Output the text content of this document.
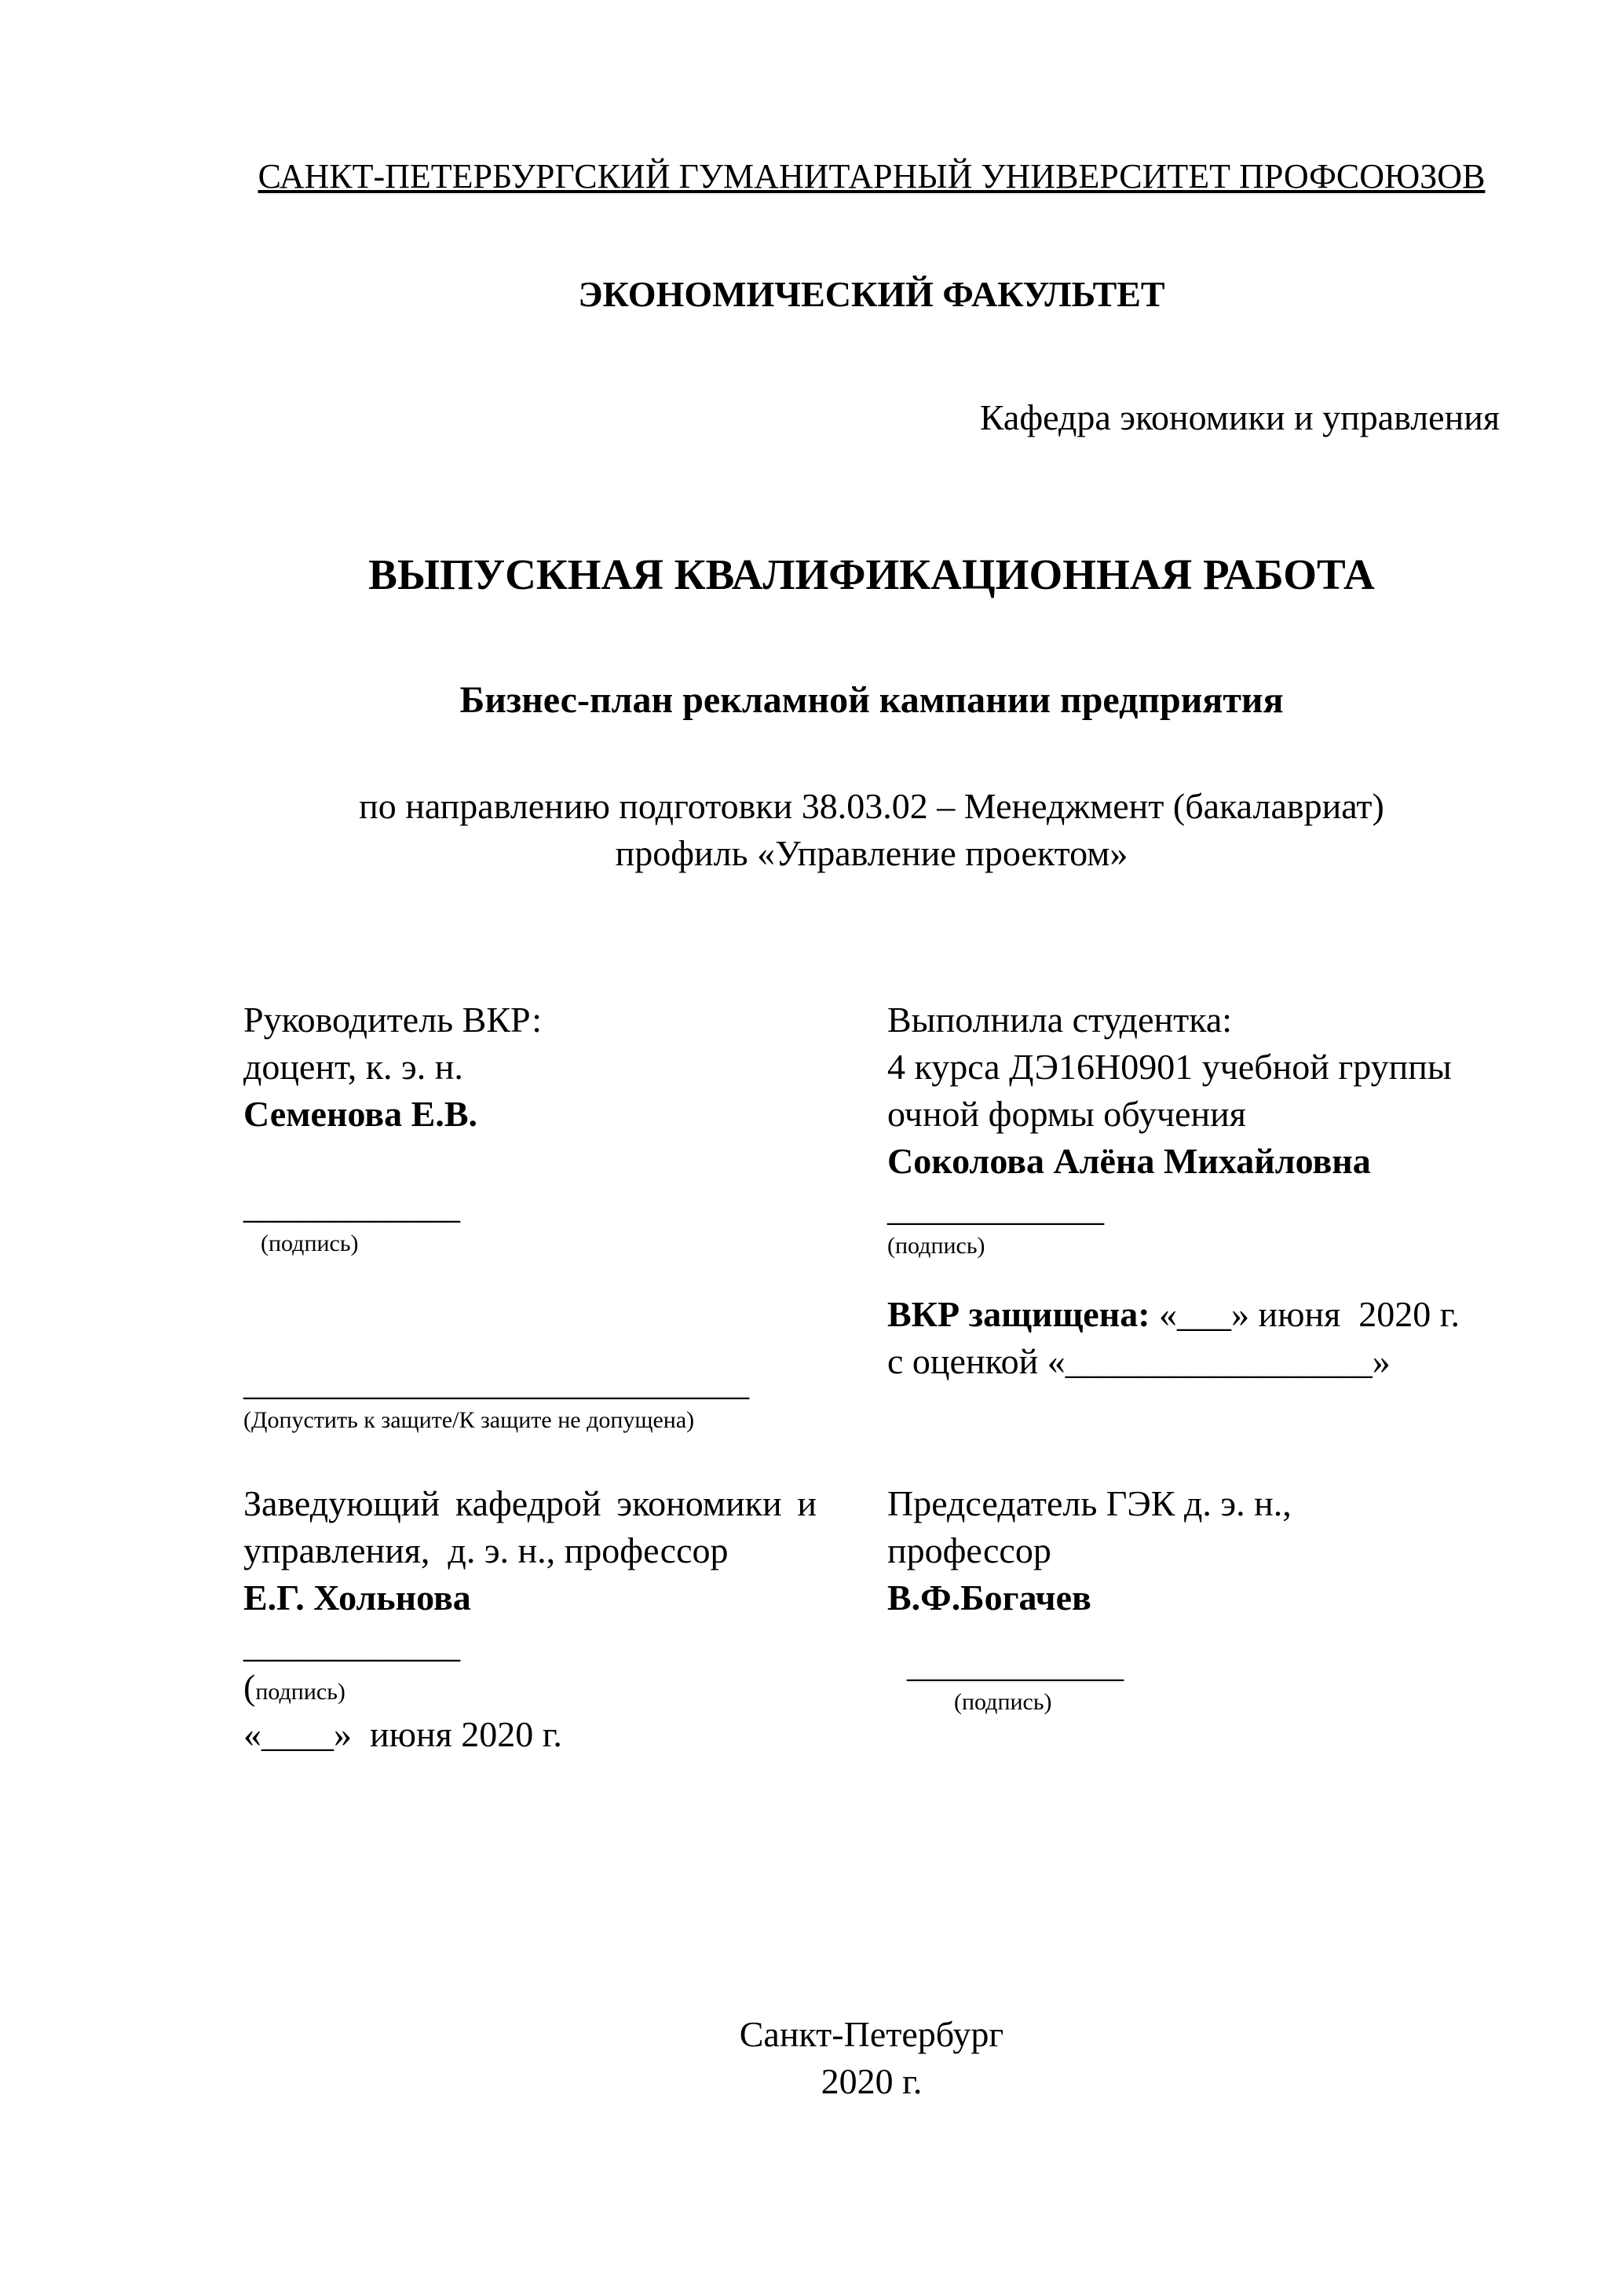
САНКТ-ПЕТЕРБУРГСКИЙ ГУМАНИТАРНЫЙ УНИВЕРСИТЕТ ПРОФСОЮЗОВ
ЭКОНОМИЧЕСКИЙ ФАКУЛЬТЕТ
Кафедра экономики и управления
ВЫПУСКНАЯ КВАЛИФИКАЦИОННАЯ РАБОТА
Бизнес-план рекламной кампании предприятия
по направлению подготовки 38.03.02 – Менеджмент (бакалавриат)
профиль «Управление проектом»
Руководитель ВКР:
доцент, к. э. н.
Семенова Е.В.
____________
(подпись)
Выполнила студентка:
4 курса ДЭ16Н0901 учебной группы
очной формы обучения
Соколова Алёна Михайловна
____________
(подпись)
____________________________
(Допустить к защите/К защите не допущена)
ВКР защищена: «___» июня  2020 г.
с оценкой «_________________»
Заведующий кафедрой экономики и
управления,  д. э. н., профессор
Е.Г. Хольнова
____________
(подпись)
«____»  июня 2020 г.
Председатель ГЭК д. э. н.,
профессор
В.Ф.Богачев
____________
(подпись)
Санкт-Петербург
2020 г.
